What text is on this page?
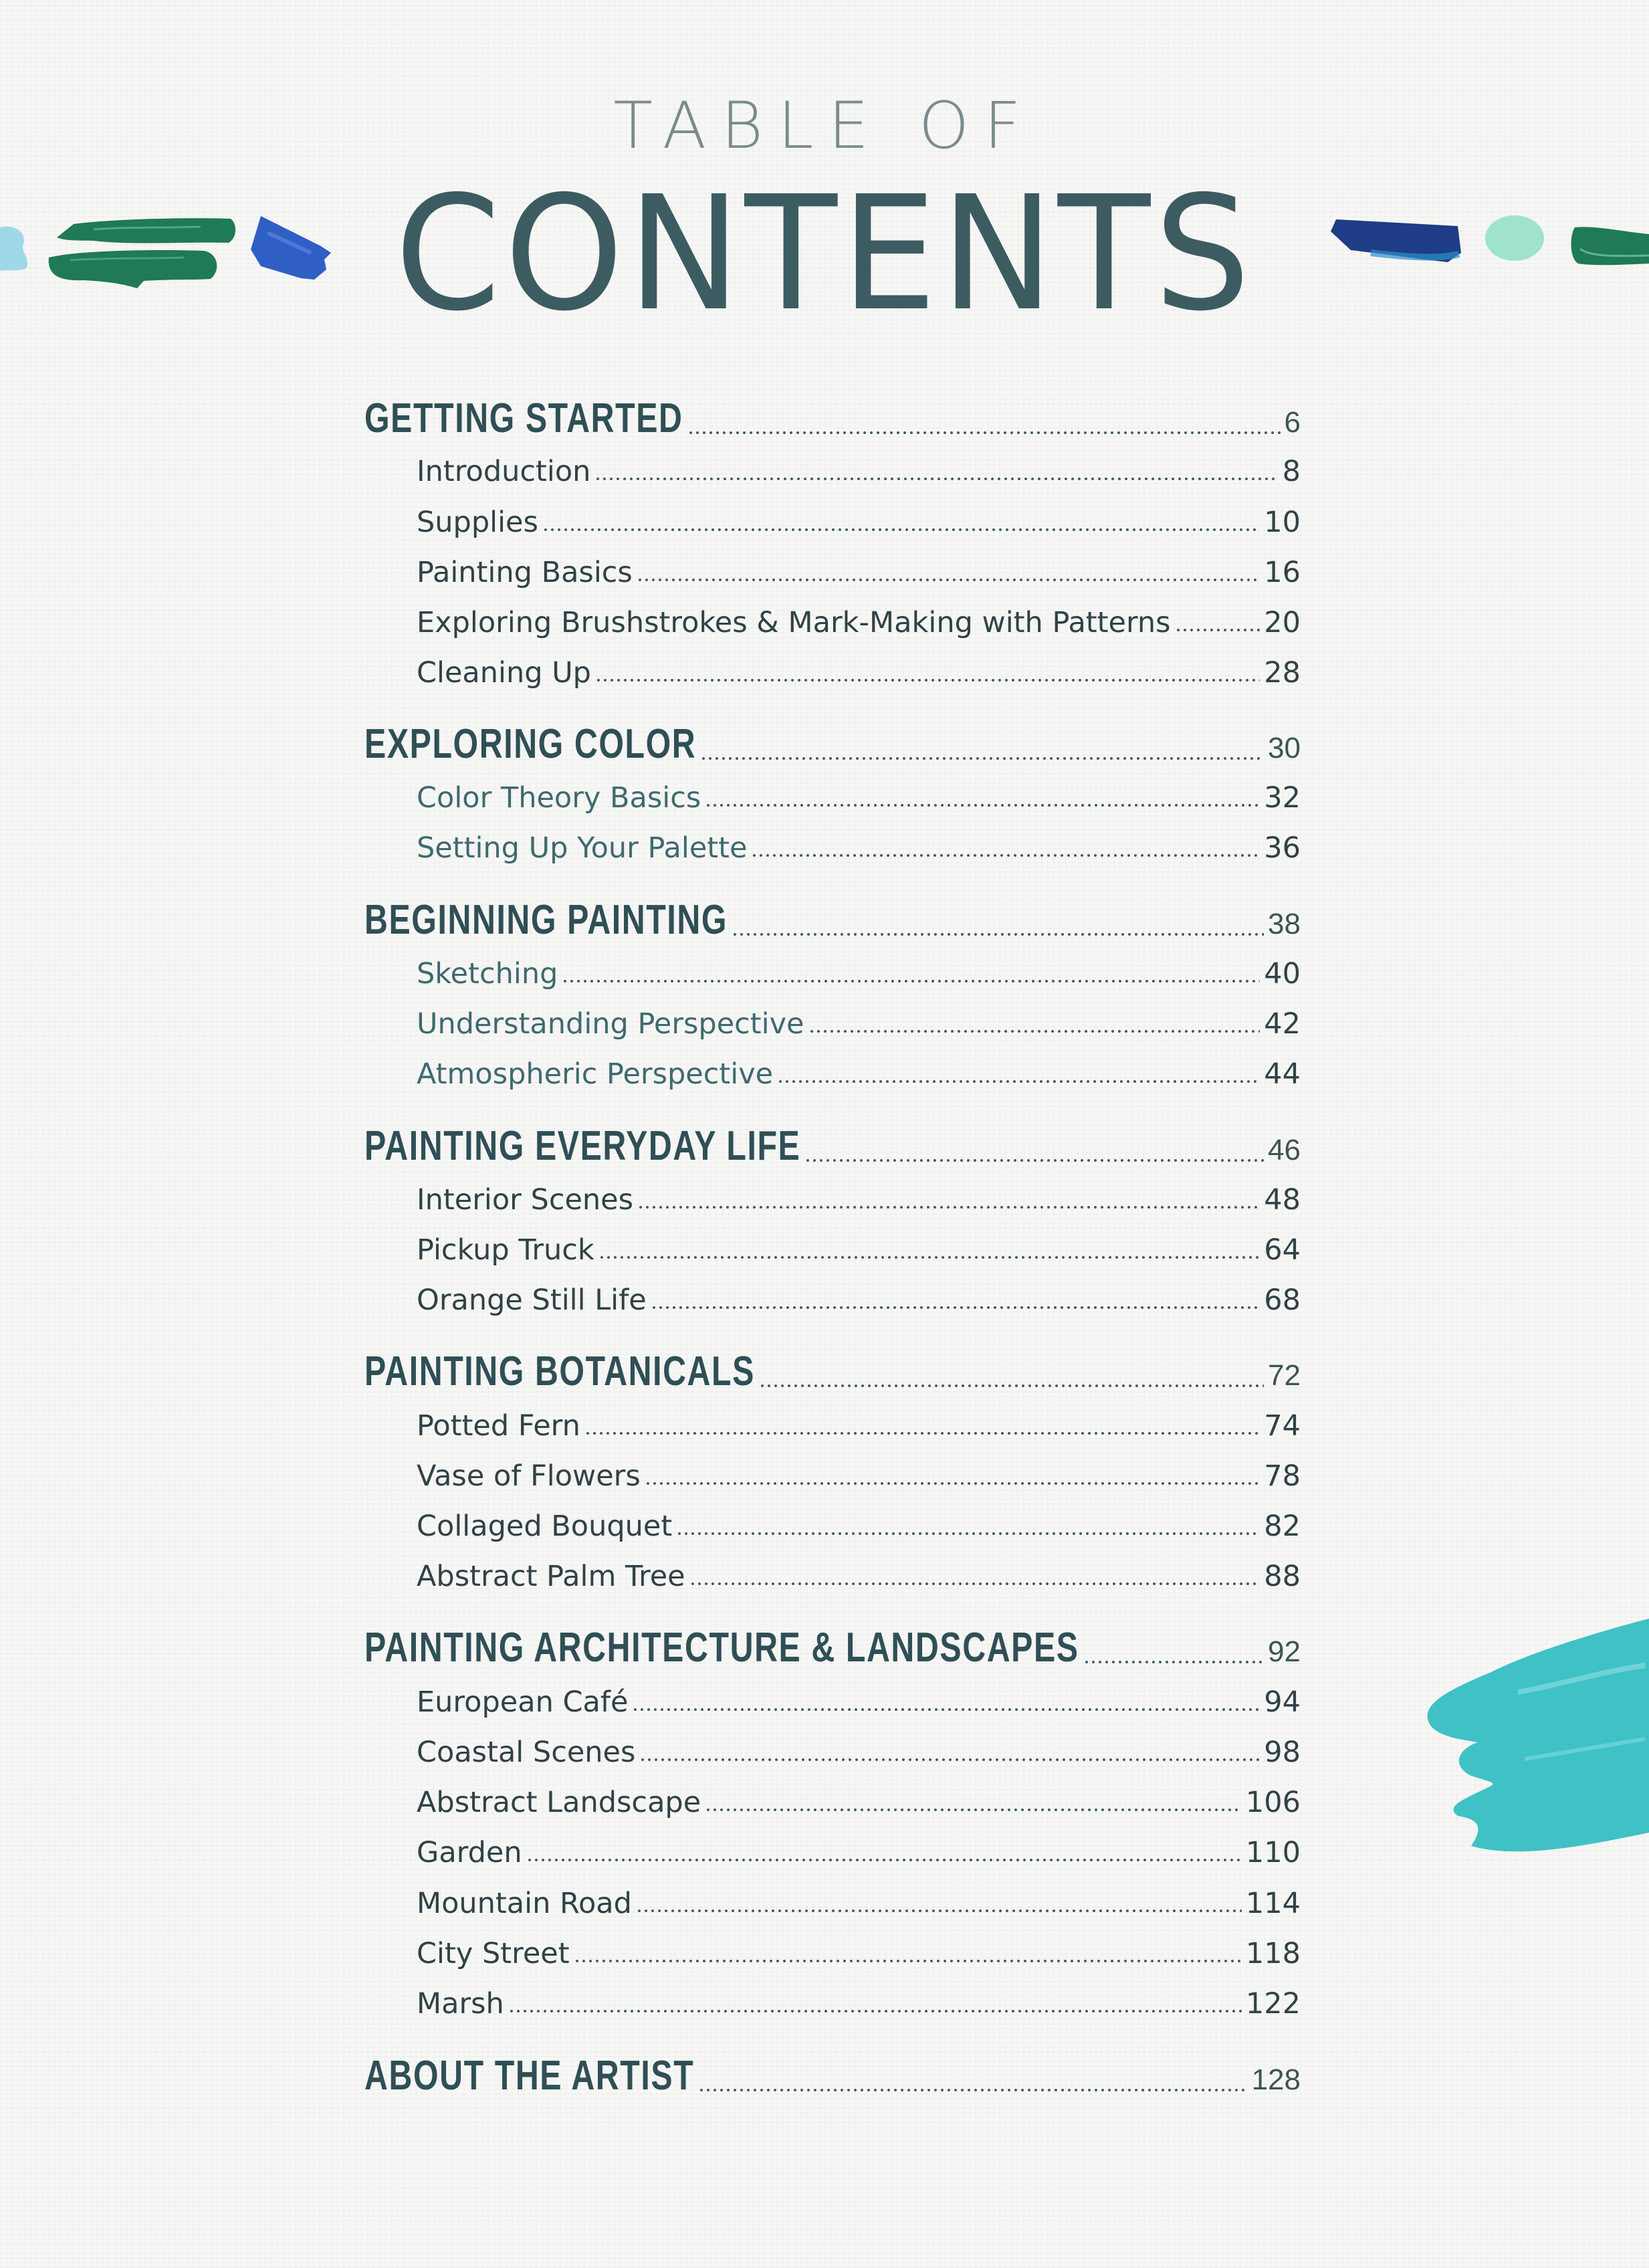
TABLE OF
CONTENTS
GETTING STARTED	6
Introduction	8
Supplies	10
Painting Basics	16
Exploring Brushstrokes & Mark-Making with Patterns	20
Cleaning Up	28
EXPLORING COLOR	30
Color Theory Basics	32
Setting Up Your Palette	36
BEGINNING PAINTING	38
Sketching	40
Understanding Perspective	42
Atmospheric Perspective	44
PAINTING EVERYDAY LIFE	46
Interior Scenes	48
Pickup Truck	64
Orange Still Life	68
PAINTING BOTANICALS	72
Potted Fern	74
Vase of Flowers	78
Collaged Bouquet	82
Abstract Palm Tree	88
PAINTING ARCHITECTURE & LANDSCAPES	92
European Café	94
Coastal Scenes	98
Abstract Landscape	106
Garden	110
Mountain Road	114
City Street	118
Marsh	122
ABOUT THE ARTIST	128
